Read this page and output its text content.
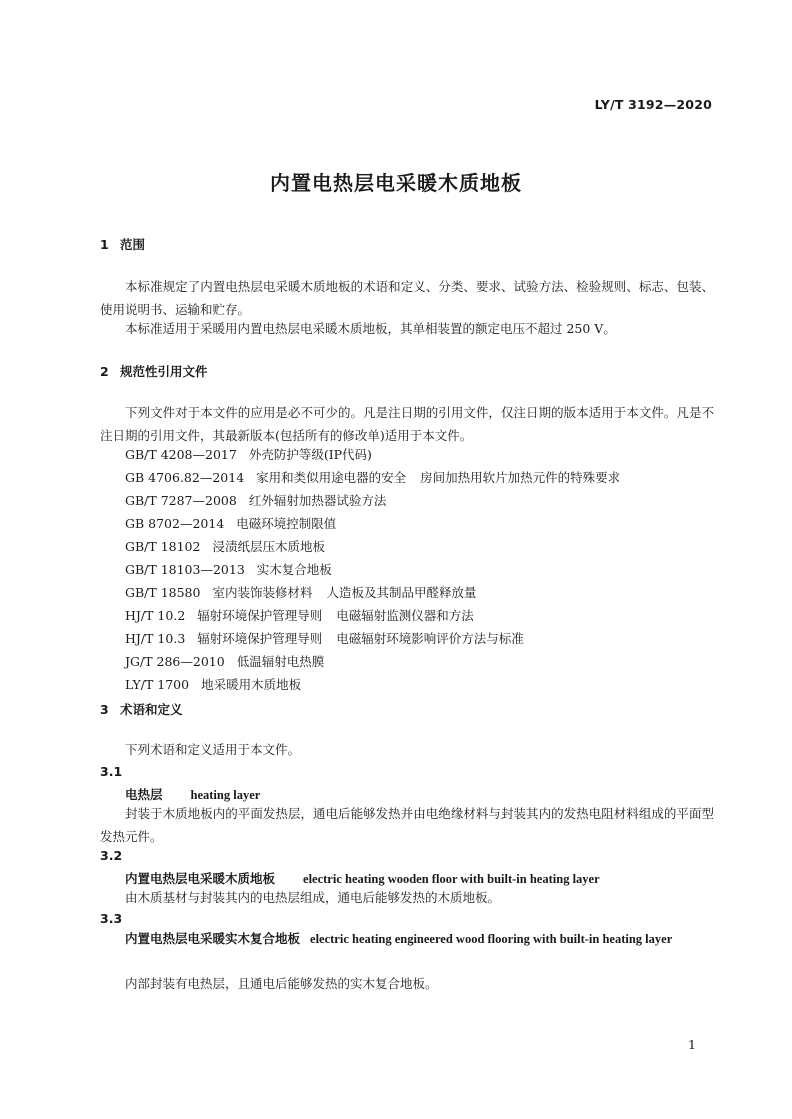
LY/T 3192—2020
内置电热层电采暖木质地板
1 范围
本标准规定了内置电热层电采暖木质地板的术语和定义、分类、要求、试验方法、检验规则、标志、包装、使用说明书、运输和贮存。
本标准适用于采暖用内置电热层电采暖木质地板，其单相装置的额定电压不超过 250 V。
2 规范性引用文件
下列文件对于本文件的应用是必不可少的。凡是注日期的引用文件，仅注日期的版本适用于本文件。凡是不注日期的引用文件，其最新版本(包括所有的修改单)适用于本文件。
GB/T 4208—2017 外壳防护等级(IP代码)
GB 4706.82—2014 家用和类似用途电器的安全 房间加热用软片加热元件的特殊要求
GB/T 7287—2008 红外辐射加热器试验方法
GB 8702—2014 电磁环境控制限值
GB/T 18102 浸渍纸层压木质地板
GB/T 18103—2013 实木复合地板
GB/T 18580 室内装饰装修材料 人造板及其制品甲醛释放量
HJ/T 10.2 辐射环境保护管理导则 电磁辐射监测仪器和方法
HJ/T 10.3 辐射环境保护管理导则 电磁辐射环境影响评价方法与标准
JG/T 286—2010 低温辐射电热膜
LY/T 1700 地采暖用木质地板
3 术语和定义
下列术语和定义适用于本文件。
3.1
电热层 heating layer
封装于木质地板内的平面发热层，通电后能够发热并由电绝缘材料与封装其内的发热电阻材料组成的平面型发热元件。
3.2
内置电热层电采暖木质地板 electric heating wooden floor with built-in heating layer
由木质基材与封装其内的电热层组成，通电后能够发热的木质地板。
3.3
内置电热层电采暖实木复合地板 electric heating engineered wood flooring with built-in heating layer
内部封装有电热层，且通电后能够发热的实木复合地板。
1
